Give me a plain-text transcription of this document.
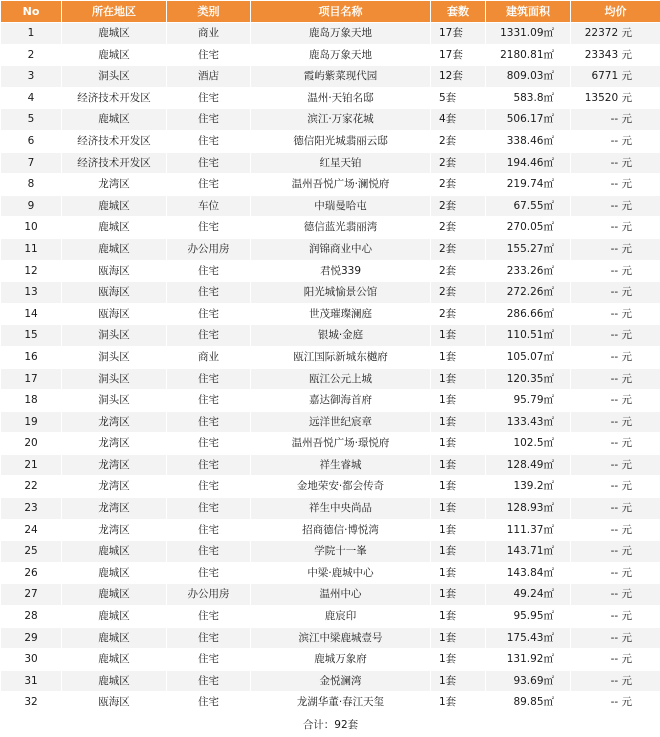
No	所在地区	类别	项目名称	套数	建筑面积	均价
1	鹿城区	商业	鹿岛万象天地	17套	1331.09㎡	22372 元
2	鹿城区	住宅	鹿岛万象天地	17套	2180.81㎡	23343 元
3	洞头区	酒店	霞屿紫菜现代园	12套	809.03㎡	6771 元
4	经济技术开发区	住宅	温州·天铂名邸	5套	583.8㎡	13520 元
5	鹿城区	住宅	滨江·万家花城	4套	506.17㎡	-- 元
6	经济技术开发区	住宅	德信阳光城翡丽云邸	2套	338.46㎡	-- 元
7	经济技术开发区	住宅	红星天铂	2套	194.46㎡	-- 元
8	龙湾区	住宅	温州吾悦广场·澜悦府	2套	219.74㎡	-- 元
9	鹿城区	车位	中瑞曼哈屯	2套	67.55㎡	-- 元
10	鹿城区	住宅	德信蓝光翡丽湾	2套	270.05㎡	-- 元
11	鹿城区	办公用房	润锦商业中心	2套	155.27㎡	-- 元
12	瓯海区	住宅	君悦339	2套	233.26㎡	-- 元
13	瓯海区	住宅	阳光城愉景公馆	2套	272.26㎡	-- 元
14	瓯海区	住宅	世茂璀璨澜庭	2套	286.66㎡	-- 元
15	洞头区	住宅	银城·金庭	1套	110.51㎡	-- 元
16	洞头区	商业	瓯江国际新城东樾府	1套	105.07㎡	-- 元
17	洞头区	住宅	瓯江公元上城	1套	120.35㎡	-- 元
18	洞头区	住宅	嘉达御海首府	1套	95.79㎡	-- 元
19	龙湾区	住宅	远洋世纪宸章	1套	133.43㎡	-- 元
20	龙湾区	住宅	温州吾悦广场·璟悦府	1套	102.5㎡	-- 元
21	龙湾区	住宅	祥生睿城	1套	128.49㎡	-- 元
22	龙湾区	住宅	金地荣安·都会传奇	1套	139.2㎡	-- 元
23	龙湾区	住宅	祥生中央尚品	1套	128.93㎡	-- 元
24	龙湾区	住宅	招商德信·博悦湾	1套	111.37㎡	-- 元
25	鹿城区	住宅	学院十一峯	1套	143.71㎡	-- 元
26	鹿城区	住宅	中梁·鹿城中心	1套	143.84㎡	-- 元
27	鹿城区	办公用房	温州中心	1套	49.24㎡	-- 元
28	鹿城区	住宅	鹿宸印	1套	95.95㎡	-- 元
29	鹿城区	住宅	滨江中梁鹿城壹号	1套	175.43㎡	-- 元
30	鹿城区	住宅	鹿城万象府	1套	131.92㎡	-- 元
31	鹿城区	住宅	金悦澜湾	1套	93.69㎡	-- 元
32	瓯海区	住宅	龙湖华董·春江天玺	1套	89.85㎡	-- 元
合计：92套						
